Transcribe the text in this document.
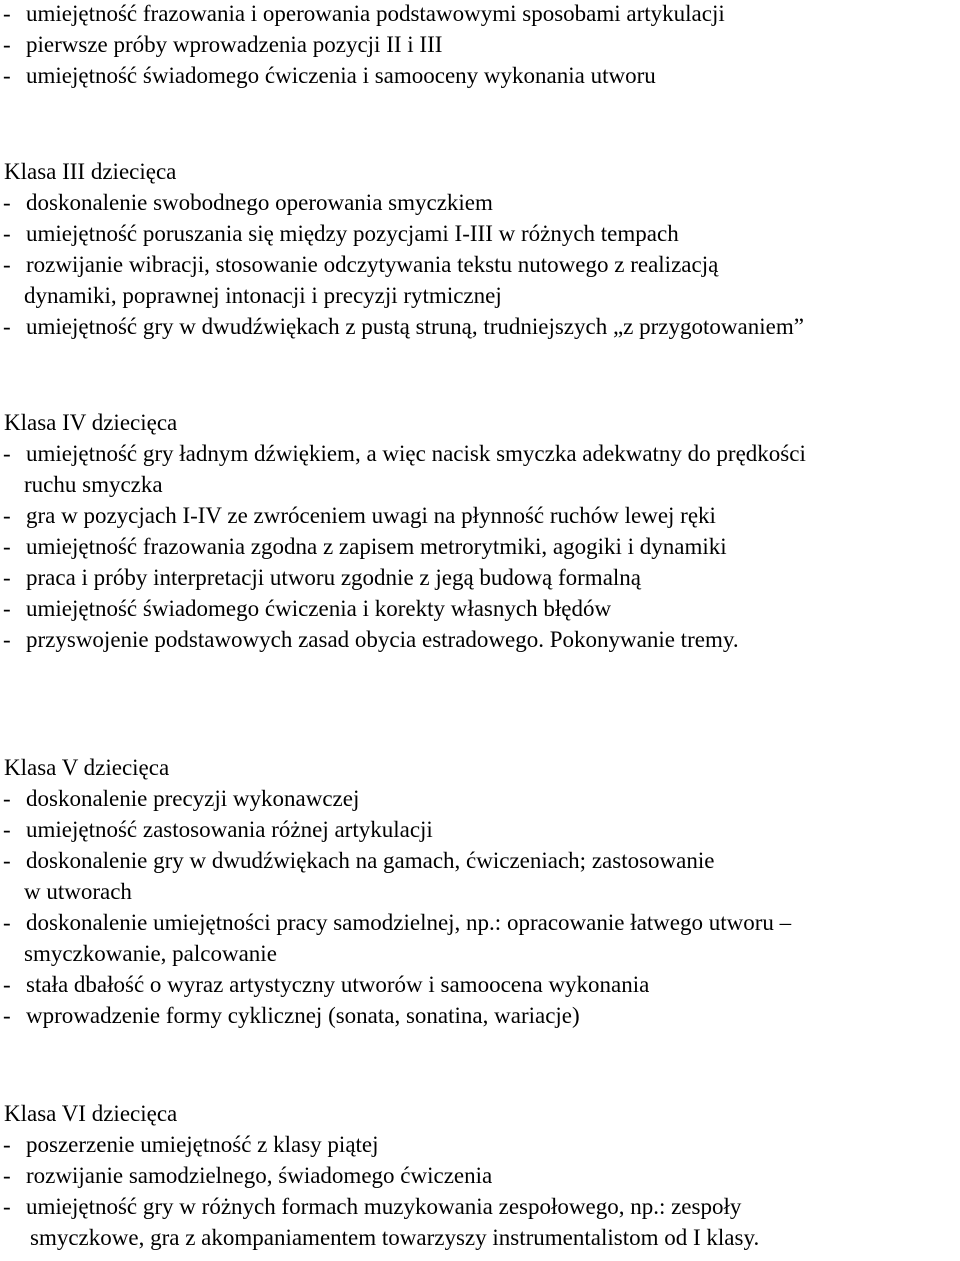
- umiejętność frazowania i operowania podstawowymi sposobami artykulacji
- pierwsze próby wprowadzenia pozycji II i III
- umiejętność świadomego ćwiczenia i samooceny wykonania utworu
Klasa III dziecięca
- doskonalenie swobodnego operowania smyczkiem
- umiejętność poruszania się między pozycjami I-III w różnych tempach
- rozwijanie wibracji, stosowanie odczytywania tekstu nutowego z realizacją
dynamiki, poprawnej intonacji i precyzji rytmicznej
- umiejętność gry w dwudźwiękach z pustą struną, trudniejszych „z przygotowaniem”
Klasa IV dziecięca
- umiejętność gry ładnym dźwiękiem, a więc nacisk smyczka adekwatny do prędkości
ruchu smyczka
- gra w pozycjach I-IV ze zwróceniem uwagi na płynność ruchów lewej ręki
- umiejętność frazowania zgodna z zapisem metrorytmiki, agogiki i dynamiki
- praca i próby interpretacji utworu zgodnie z jegą budową formalną
- umiejętność świadomego ćwiczenia i korekty własnych błędów
- przyswojenie podstawowych zasad obycia estradowego. Pokonywanie tremy.
Klasa V dziecięca
- doskonalenie precyzji wykonawczej
- umiejętność zastosowania różnej artykulacji
- doskonalenie gry w dwudźwiękach na gamach, ćwiczeniach; zastosowanie
w utworach
- doskonalenie umiejętności pracy samodzielnej, np.: opracowanie łatwego utworu –
smyczkowanie, palcowanie
- stała dbałość o wyraz artystyczny utworów i samoocena wykonania
- wprowadzenie formy cyklicznej (sonata, sonatina, wariacje)
Klasa VI dziecięca
- poszerzenie umiejętność z klasy piątej
- rozwijanie samodzielnego, świadomego ćwiczenia
- umiejętność gry w różnych formach muzykowania zespołowego, np.: zespoły
smyczkowe, gra z akompaniamentem towarzyszy instrumentalistom od I klasy.
